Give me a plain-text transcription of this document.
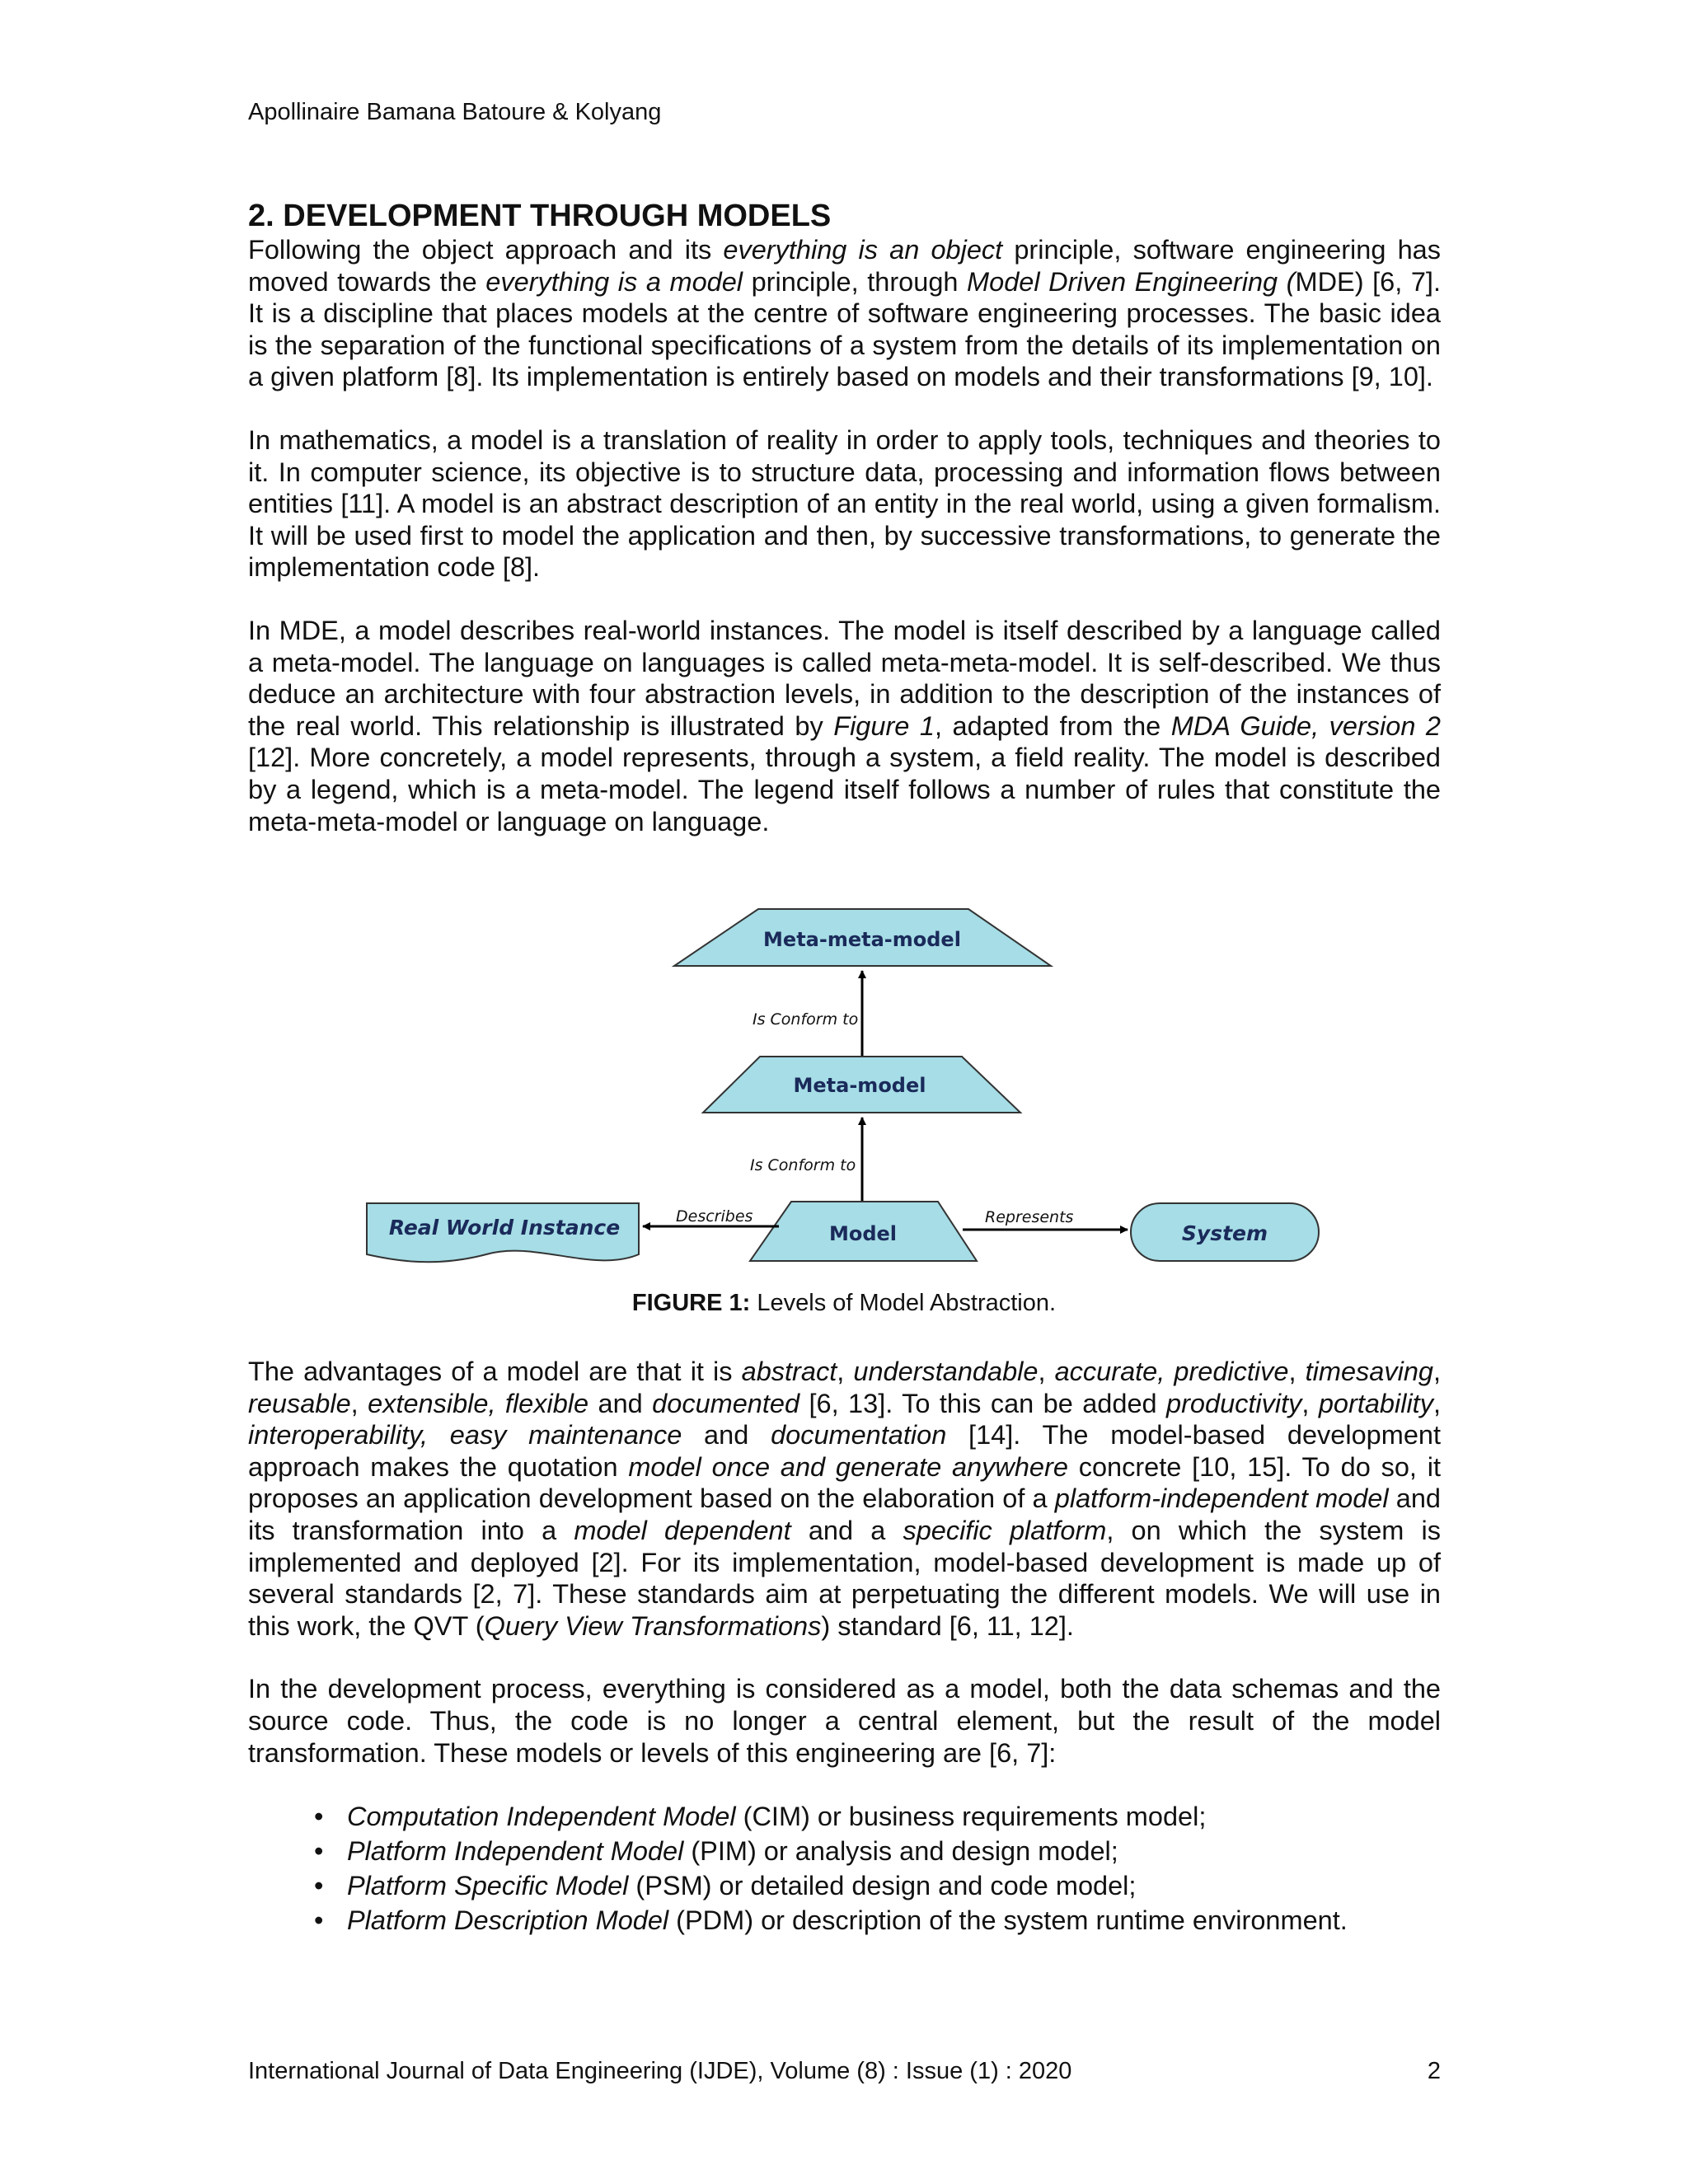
Apollinaire Bamana Batoure & Kolyang
2. DEVELOPMENT THROUGH MODELS

Following the object approach and its everything is an object principle, software engineering has moved towards the everything is a model principle, through Model Driven Engineering (MDE) [6, 7]. It is a discipline that places models at the centre of software engineering processes. The basic idea is the separation of the functional specifications of a system from the details of its implementation on a given platform [8]. Its implementation is entirely based on models and their transformations [9, 10].

In mathematics, a model is a translation of reality in order to apply tools, techniques and theories to it. In computer science, its objective is to structure data, processing and information flows between entities [11]. A model is an abstract description of an entity in the real world, using a given formalism. It will be used first to model the application and then, by successive transformations, to generate the implementation code [8].

In MDE, a model describes real-world instances. The model is itself described by a language called a meta-model. The language on languages is called meta-meta-model. It is self-described. We thus deduce an architecture with four abstraction levels, in addition to the description of the instances of the real world. This relationship is illustrated by Figure 1, adapted from the MDA Guide, version 2 [12]. More concretely, a model represents, through a system, a field reality. The model is described by a legend, which is a meta-model. The legend itself follows a number of rules that constitute the meta-meta-model or language on language.

Meta-meta-model
Is Conform to
Meta-model
Is Conform to
Model
Describes
Real World Instance	Represents
System
FIGURE 1: Levels of Model Abstraction.

The advantages of a model are that it is abstract, understandable, accurate, predictive, timesaving, reusable, extensible, flexible and documented [6, 13]. To this can be added productivity, portability, interoperability, easy maintenance and documentation [14]. The model-based development approach makes the quotation model once and generate anywhere concrete [10, 15]. To do so, it proposes an application development based on the elaboration of a platform-independent model and its transformation into a model dependent and a specific platform, on which the system is implemented and deployed [2]. For its implementation, model-based development is made up of several standards [2, 7]. These standards aim at perpetuating the different models. We will use in this work, the QVT (Query View Transformations) standard [6, 11, 12].

In the development process, everything is considered as a model, both the data schemas and the source code. Thus, the code is no longer a central element, but the result of the model transformation. These models or levels of this engineering are [6, 7]:

• Computation Independent Model (CIM) or business requirements model;
• Platform Independent Model (PIM) or analysis and design model;
• Platform Specific Model (PSM) or detailed design and code model;
• Platform Description Model (PDM) or description of the system runtime environment.
International Journal of Data Engineering (IJDE), Volume (8) : Issue (1) : 2020	2
